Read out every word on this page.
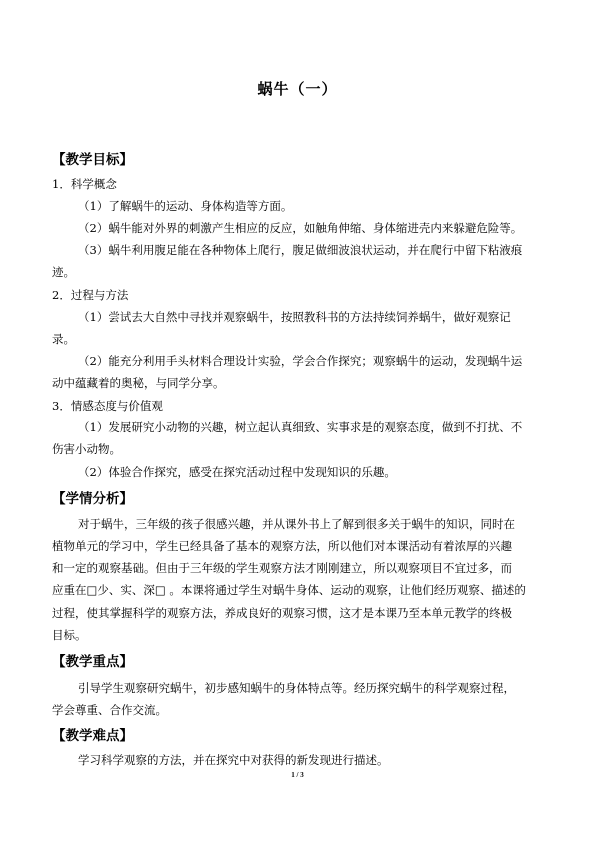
蜗牛（一）
【教学目标】
1．科学概念
（1）了解蜗牛的运动、身体构造等方面。
（2）蜗牛能对外界的刺激产生相应的反应，如触角伸缩、身体缩进壳内来躲避危险等。
（3）蜗牛利用腹足能在各种物体上爬行，腹足做细波浪状运动，并在爬行中留下粘液痕
迹。
2．过程与方法
（1）尝试去大自然中寻找并观察蜗牛，按照教科书的方法持续饲养蜗牛，做好观察记
录。
（2）能充分利用手头材料合理设计实验，学会合作探究；观察蜗牛的运动，发现蜗牛运
动中蕴藏着的奥秘，与同学分享。
3．情感态度与价值观
（1）发展研究小动物的兴趣，树立起认真细致、实事求是的观察态度，做到不打扰、不
伤害小动物。
（2）体验合作探究，感受在探究活动过程中发现知识的乐趣。
【学情分析】
对于蜗牛，三年级的孩子很感兴趣，并从课外书上了解到很多关于蜗牛的知识，同时在
植物单元的学习中，学生已经具备了基本的观察方法，所以他们对本课活动有着浓厚的兴趣
和一定的观察基础。但由于三年级的学生观察方法才刚刚建立，所以观察项目不宜过多，而
应重在□少、实、深□ 。本课将通过学生对蜗牛身体、运动的观察，让他们经历观察、描述的
过程，使其掌握科学的观察方法，养成良好的观察习惯，这才是本课乃至本单元教学的终极
目标。
【教学重点】
引导学生观察研究蜗牛，初步感知蜗牛的身体特点等。经历探究蜗牛的科学观察过程，
学会尊重、合作交流。
【教学难点】
学习科学观察的方法，并在探究中对获得的新发现进行描述。
1 / 3
